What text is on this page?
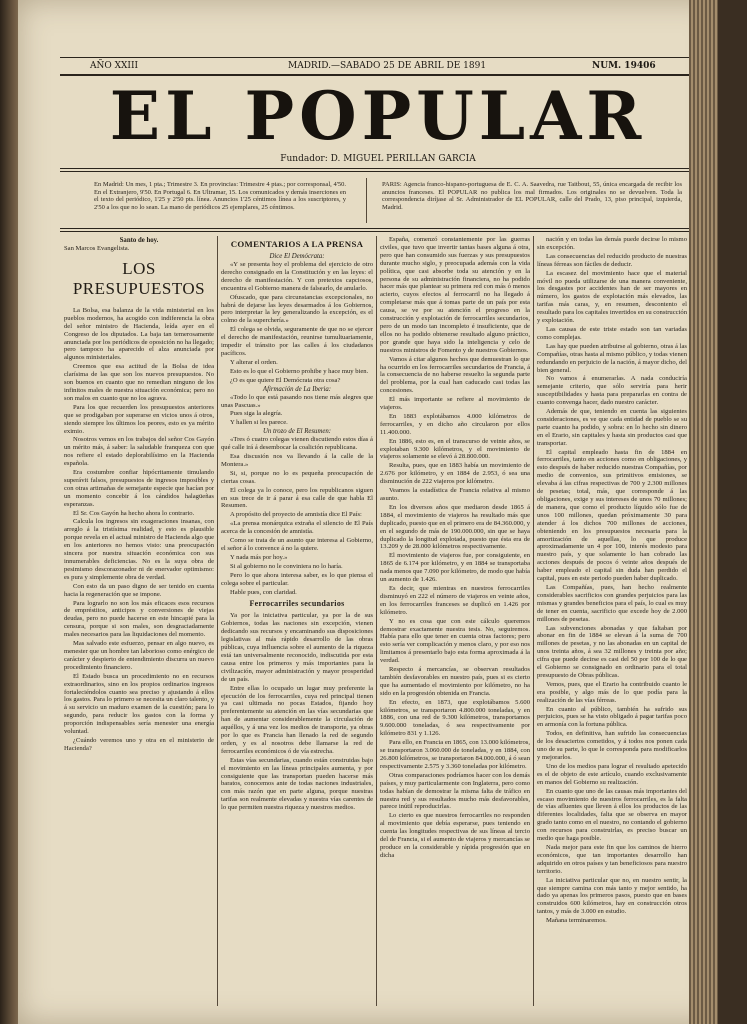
AÑO XXIII	MADRID.—SABADO 25 DE ABRIL DE 1891	NUM. 19406
EL POPULAR
Fundador: D. MIGUEL PERILLAN GARCIA
En Madrid: Un mes, 1 pta.; Trimestre 3. En provincias: Trimestre 4 ptas.; por corresponsal, 4'50. En el Extranjero, 9'50. En Portugal 6. En Ultramar, 15. Los comunicados y demás inserciones en el texto del periódico, 1'25 y 2'50 pts. línea. Anuncios 1'25 céntimos línea a los suscriptores, y 2'50 a los que no lo sean. La mano de periódicos 25 ejemplares, 25 céntimos.
PARIS: Agencia franco-hispano-portuguesa de E. C. A. Saavedra, rue Taitbout, 55, única encargada de recibir los anuncios franceses. El POPULAR no publica los mal firmados. Los originales no se devuelven. Toda la correspondencia diríjase al Sr. Administrador de EL POPULAR, calle del Prado, 13, piso principal, izquierda, Madrid.
Santo de hoy.
San Marcos Evangelista.
LOS PRESUPUESTOS
La Bolsa, esa balanza de la vida ministerial en los pueblos modernos, ha acogido con indiferencia la obra del señor ministro de Hacienda, leída ayer en el Congreso de los diputados. La baja tan temerosamente anunciada por los periódicos de oposición no ha llegado; pero tampoco ha aparecido el alza anunciada por algunos ministeriales.
Creemos que esa actitud de la Bolsa de idea clarísima de las que son los nuevos presupuestos. No son buenos en cuanto que no remedian ninguno de los infinitos males de nuestra situación económica; pero no son malos en cuanto que no los agrava.
Para los que recuerden los presupuestos anteriores que se prodigaban por superarse en vicios unos á otros, siendo siempre los últimos los peores, esto es ya mérito eximio.
Nosotros vemos en los trabajos del señor Cos Gayón un mérito más, á saber: la saludable franqueza con que nos refiere el estado deplorabilísimo en la Hacienda española.
Era costumbre confiar hipócritamente timulando superávit falsos, presupuestos de ingresos imposibles y con otras artimañas de semejante especie que hacían por un momento concebir á los cándidos halagüeñas esperanzas.
El Sr. Cos Gayón ha hecho ahora lo contrario.
Calcula los ingresos sin exageraciones insanas, con arreglo á la tristísima realidad, y esto es plausible porque revela en el actual ministro de Hacienda algo que en los anteriores no hemos visto: una preocupación sincera por nuestra situación económica con sus innumerables deficiencias. No es la suya obra de pesimismo descorazonador ni de enervador optimismo: es pura y simplemente obra de verdad.
Con esto da un paso digno de ser tenido en cuenta hacia la regeneración que se impone.
Para lograrlo no son los más eficaces esos recursos de empréstitos, anticipos y conversiones de viejas deudas, pero no puede hacerse en este hincapié para la censura, porque si son males, son desgraciadamente males necesarios para las liquidaciones del momento.
Mas salvado este esfuerzo, pensar en algo nuevo, es menester que un hombre tan laborioso como enérgico de carácter y despierto de entendimiento discurra un nuevo procedimiento financiero.
El Estado busca un procedimiento no en recursos extraordinarios, sino en los propios ordinarios ingresos fortaleciéndolos cuanto sea preciso y ajustando á ellos los gastos. Para lo primero se necesita un claro talento, y á su servicio un maduro examen de la cuestión; para lo segundo, para reducir los gastos con la forma y proporción indispensables sería menester una energía voluntad.
¿Cuándo veremos uno y otra en el ministerio de Hacienda?
COMENTARIOS A LA PRENSA
Dice El Demócrata:
«Y se presenta hoy el problema del ejercicio de otro derecho consignado en la Constitución y en las leyes: el derecho de manifestación. Y con pretextos capciosos, encuentra el Gobierno manera de falsearlo, de anularlo.
Ofuscado, que para circunstancias excepcionales, no habrá de dejarse las leyes desarmados á los Gobiernos, pero interpretar la ley generalizando la excepción, es el colmo de la superchería.»
El colega se olvida, seguramente de que no se ejercer el derecho de manifestación, reunirse tumultuariamente, impedir el tránsito por las calles á los ciudadanos pacíficos.
Y alterar el orden.
Esto es lo que el Gobierno prohibe y hace muy bien.
¿O es que quiere El Demócrata otra cosa?
Afirmación de La Iberia:
«Todo lo que está pasando nos tiene más alegres que unas Pascuas.»
Pues siga la alegría.
Y hallen si les parece.
Un trozo de El Resumen:
«Tres ó cuatro colegas vienen discutiendo estos días á qué calle irá á desembocar la coalición republicana.
Esa discusión nos va llevando á la calle de la Montera.»
Si, si, porque no lo es pequeña preocupación de ciertas cosas.
El colega ya lo conoce, pero los republicanos siguen en sus trece de ir á parar á esa calle de que habla El Resumen.
A propósito del proyecto de amnistía dice El País:
«La prensa monárquica extraña el silencio de El País acerca de la concesión de amnistía.
Como se trata de un asunto que interesa al Gobierno, el señor á lo convence á no la quiere.
Y nada más por hoy.»
Si al gobierno no le conviniera no lo haría.
Pero lo que ahora interesa saber, es lo que piensa el colega sobre el particular.
Hable pues, con claridad.
Ferrocarriles secundarios
Ya por la iniciativa particular, ya por la de sus Gobiernos, todas las naciones sin excepción, vienen dedicando sus recursos y encaminando sus disposiciones legislativas al más rápido desarrollo de las obras públicas, cuya influencia sobre el aumento de la riqueza está tan universalmente reconocido, indiscutida por esta causa entre los primeros y más importantes para la civilización, mayor administración y mayor prosperidad de un país.
Entre ellas lo ocupado un lugar muy preferente la ejecución de los ferrocarriles, cuya red principal tienen ya casi ultimada no pocas Estados, fijando hoy preferentemente su atención en las vías secundarias que han de aumentar considerablemente la circulación de aquéllos, y á una vez los medios de transporte, ya obras por lo que es Francia han llenado la red de segundo orden, y es al nosotros debe llamarse la red de ferrocarriles económicos ó de vía estrecha.
Estas vías secundarias, cuando están construidas bajo el movimiento en las líneas principales aumenta, y por consiguiente que las transportan pueden hacerse más baratos, conocemos ante de todas naciones industriales, con más razón que en parte alguna, porque nuestras tarifas son realmente elevadas y nuestra vías carentes de lo que permiten nuestra riqueza y nuestros medios.
España, comenzó constantemente por las guerras civiles, que tuvo que invertir tantas bases alguna á otra, pero que han consumido sus fuerzas y sus presupuestos durante mucho siglo, y preocupada además con la vida política, que casi absorbe toda su atención y en la persona de su administración financiera, no ha podido hacer más que plantear su primera red con más ó menos acierto, cuyos efectos al ferrocarril no ha llegado á completarse más que á tomas parte de un país por esta causa, se ve por su atención el progreso en la construcción y explotación de ferrocarriles secundarios, pero de un modo tan incompleto é insuficiente, que de ellos no ha podido obtenerse resultado alguno práctico, por grande que haya sido la inteligencia y celo de nuestros ministros de Fomento y de nuestros Gobiernos.
Vamos á citar algunos hechos que demuestran lo que ha ocurrido en los ferrocarriles secundarios de Francia, á la consecuencia de no haberse resuelto la segunda parte del problema, por la cual han caducado casi todas las concesiones.
El más importante se refiere al movimiento de viajeros.
En 1883 explotábamos 4.000 kilómetros de ferrocarriles, y en dicho año circularon por ellos 11.400.000.
En 1886, esto es, en el transcurso de veinte años, se explotaban 9.300 kilómetros, y el movimiento de viajeros solamente se elevó á 28.800.000.
Resulta, pues, que en 1883 había un movimiento de 2.676 por kilómetro, y en 1884 de 2.953, ó sea una disminución de 222 viajeros por kilómetro.
Veamos la estadística de Francia relativa al mismo asunto.
En los diversos años que mediaron desde 1865 á 1884, el movimiento de viajeros ha resultado más que duplicado, puesto que en el primero era de 84.360.000, y en el segundo de más de 190.000.000, sin que se haya duplicado la longitud explotada, puesto que ésta era de 13.209 y de 28.000 kilómetros respectivamente.
El movimiento de viajeros fue, por consiguiente, en 1865 de 6.174 por kilómetro, y en 1884 se transportaba nada menos que 7.090 por kilómetro, de modo que había un aumento de 1.426.
Es decir, que mientras en nuestros ferrocarriles disminuyó en 222 el número de viajeros en veinte años, en los ferrocarriles franceses se duplicó en 1.426 por kilómetro.
Y no es cosa que con este cálculo queremos demostrar exactamente nuestra tesis. No, seguiremos. Había para ello que tener en cuenta otras factores; pero esto sería ver complicación y menos claro, y por eso nos limitamos á presentarlo bajo esta forma aproximada á la verdad.
Respecto á mercancías, se observan resultados también desfavorables en nuestro país, pues si es cierto que ha aumentado el movimiento por kilómetro, no ha sido en la progresión obtenida en Francia.
En efecto, en 1873, que explotábamos 5.600 kilómetros, se transportaron 4.800.000 toneladas, y en 1886, con una red de 9.300 kilómetros, transportamos 9.600.000 toneladas, ó sea respectivamente por kilómetro 831 y 1.126.
Para ello, en Francia en 1865, con 13.000 kilómetros, se transportaron 3.060.000 de toneladas, y en 1884, con 26.800 kilómetros, se transportaron 84.000.000, á ó sean respectivamente 2.575 y 3.360 toneladas por kilómetro.
Otras comparaciones podríamos hacer con los demás países, y muy particularmente con Inglaterra, pero como todas habían de demostrar la misma falta de tráfico en nuestra red y sus resultados mucho más desfavorables, parece inútil reproducirlas.
Lo cierto es que nuestros ferrocarriles no responden al movimiento que debía esperarse, pues teniendo en cuenta las longitudes respectivas de sus líneas al tercio del de Francia, si el aumento de viajeros y mercancías se produce en la considerable y rápida progresión que en dicha
nación y en todas las demás puede decirse lo mismo sin excepción.
Las consecuencias del reducido producto de nuestras líneas férreas son fáciles de deducir.
La escasez del movimiento hace que el material móvil no pueda utilizarse de una manera conveniente, los desgastes por accidentes han de ser mayores en número, los gastos de explotación más elevados, las tarifas más caras, y, en resumen, descontento el resultado para los capitales invertidos en su construcción y explotación.
Las causas de este triste estado son tan variadas como complejas.
Las hay que pueden atribuirse al gobierno, otras á las Compañías, otras hasta al mismo público, y todas vienen redundando en perjuicio de la nación, á mayor dicho, del bien general.
No vamos á enumerarlas. A nada conduciría semejante criterio, que sólo serviría para herir susceptibilidades y hasta para prepararlas en contra de cuanto convenga hacer, dado nuestro carácter.
Además de que, teniendo en cuenta las siguientes consideraciones, es ve que cada entidad de pueblo se su parte cuanto ha podido, y sobra: en lo hecho sin dinero en el Erario, sin capitales y hasta sin productos casi que transportar.
El capital empleado hasta fin de 1884 en ferrocarriles, tanto en acciones como en obligaciones, y esto después de haber reducido nuestras Compañías, por medio de convenios, sus primitivos emisiones, se elevaba á las cifras respectivas de 700 y 2.300 millones de pesetas; total, más, que corresponde á las obligaciones, exige y sus intereses de unos 70 millones; de manera, que como el producto líquido sólo fue de unos 100 millones, quedan próximamente 30 para atender á los dichos 700 millones de acciones, obteniendo en los presupuestos necesaria para la amortización de aquellas, lo que produce aproximadamente un 4 por 100, interés modesto para nuestro país, y que solamente lo han cobrado las acciones después de pocos ó veinte años después de haber empleado el capital sin duda han perdido el capital, pues en este periodo pueden haber duplicado.
Las Compañías, pues, han hecho realmente considerables sacrificios con grandes perjuicios para las mismas y grandes beneficios para el país, lo cual es muy de tener en cuenta, sacrificio que excede hoy de 2.000 millones de pesetas.
Las subvenciones abonadas y que faltaban por abonar en fin de 1884 se elevan á la suma de 700 millones de pesetas, y no las abonadas en un capital de unos treinta años, á sea 32 millones y treinta por año; cifra que puede decirse es casi del 50 por 100 de lo que el Gobierno se consignado en ordinario para el total presupuesto de Obras públicas.
Vemos, pues, que el Erario ha contribuido cuanto le era posible, y algo más de lo que podía para la realización de las vías férreas.
En cuanto al público, también ha sufrido sus perjuicios, pues se ha visto obligado á pagar tarifas poco en armonía con la fortuna pública.
Todos, en definitiva, han sufrido las consecuencias de los desaciertos cometidos, y á todos nos ponen cada uno de su parte, lo que le corresponda para modificarlos y mejorarlos.
Uno de los medios para lograr el resultado apetecido es el de objeto de este artículo, cuando exclusivamente en manos del Gobierno su realización.
En cuanto que uno de las causas más importantes del escaso movimiento de nuestros ferrocarriles, es la falta de vías afluentes que lleven á ellos los productos de las diferentes localidades, falta que se observa en mayor grado tanto como en el nuestro, no contando el gobierno con recursos para construirlas, es preciso buscar un medio que haga posible.
Nada mejor para este fin que los caminos de hierro económicos, que tan importantes desarrollo han adquirido en otros países y tan beneficiosos para nuestro territorio.
La iniciativa particular que no, en nuestro sentir, la que siempre camina con más tanto y mejor sentido, ha dado ya apenas los primeros pasos, puesto que en bases construidos 600 kilómetros, hay en construcción otros tantos, y más de 3.000 en estudio.
Mañana terminaremos.
